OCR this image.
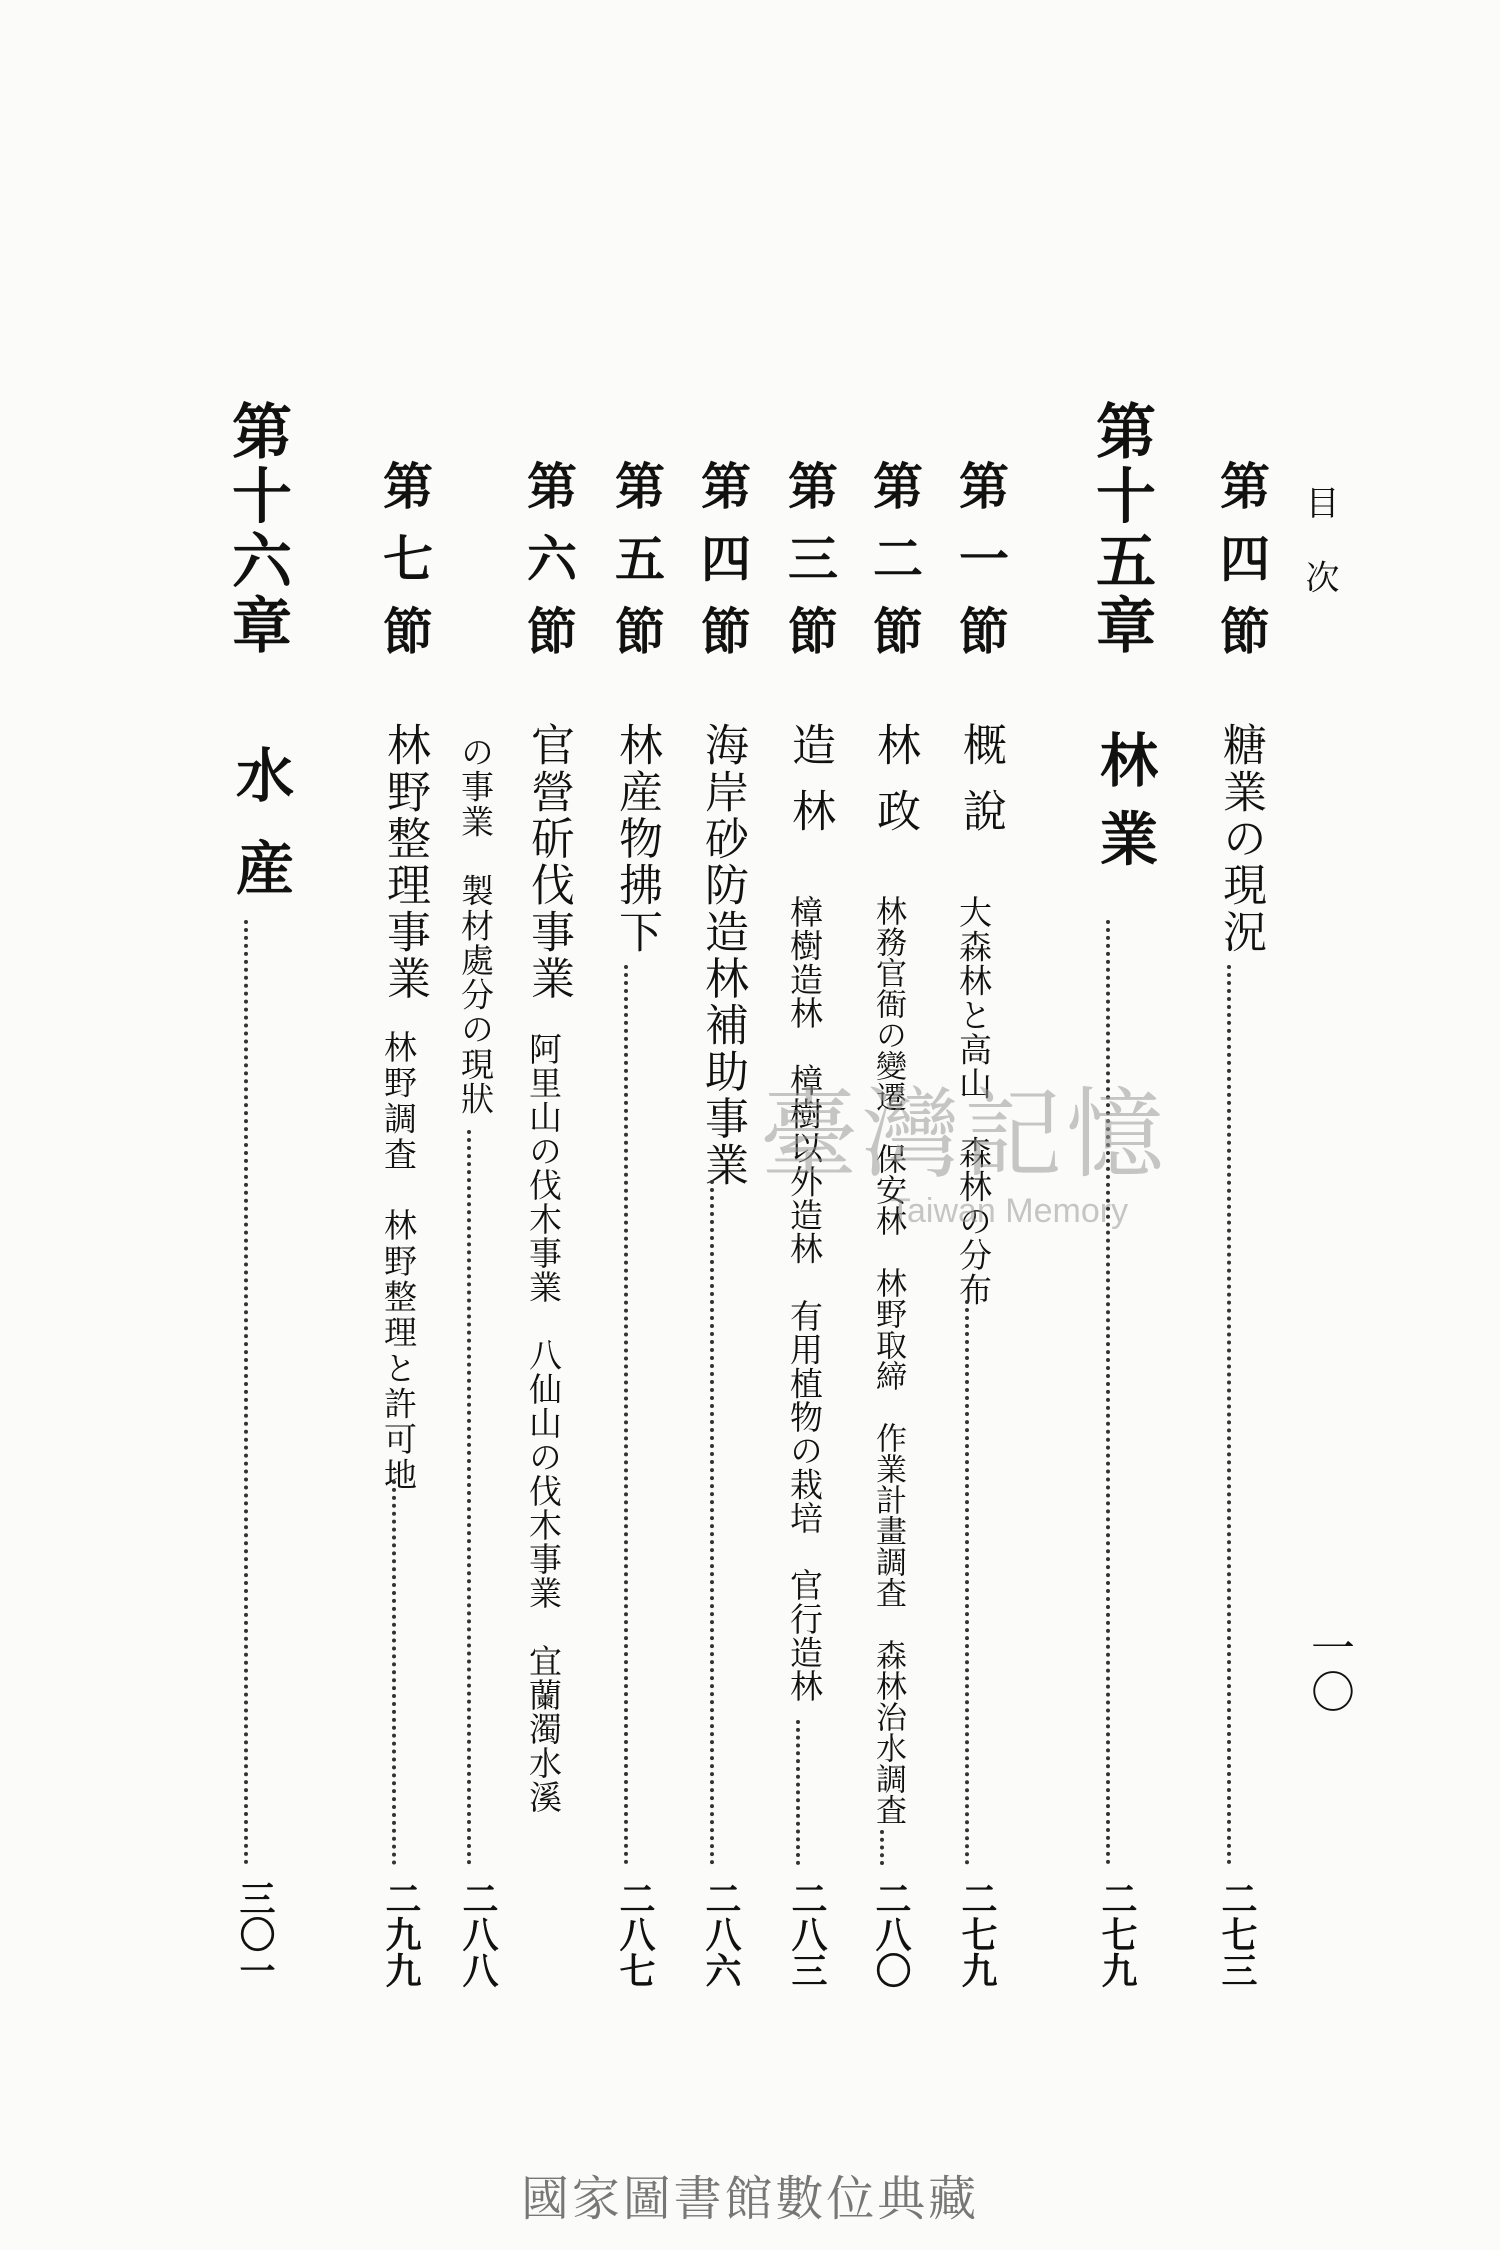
目次
一〇
第四節
糖業の現況
二七三
第十五章
林業
二七九
第一節
概說
大森林と高山　森林の分布
二七九
第二節
林政
林務官衙の變遷　保安林　林野取締　作業計畫調査　森林治水調査
二八〇
第三節
造林
樟樹造林　樟樹以外造林　有用植物の栽培　官行造林
二八三
第四節
海岸砂防造林補助事業
二八六
第五節
林産物拂下
二八七
第六節
官營斫伐事業
阿里山の伐木事業　八仙山の伐木事業　宜蘭濁水溪
の事業　製材處分の現狀
二八八
第七節
林野整理事業
林野調査　林野整理と許可地
二九九
第十六章
水産
三〇一
臺灣記憶
Taiwan Memory
國家圖書館數位典藏
